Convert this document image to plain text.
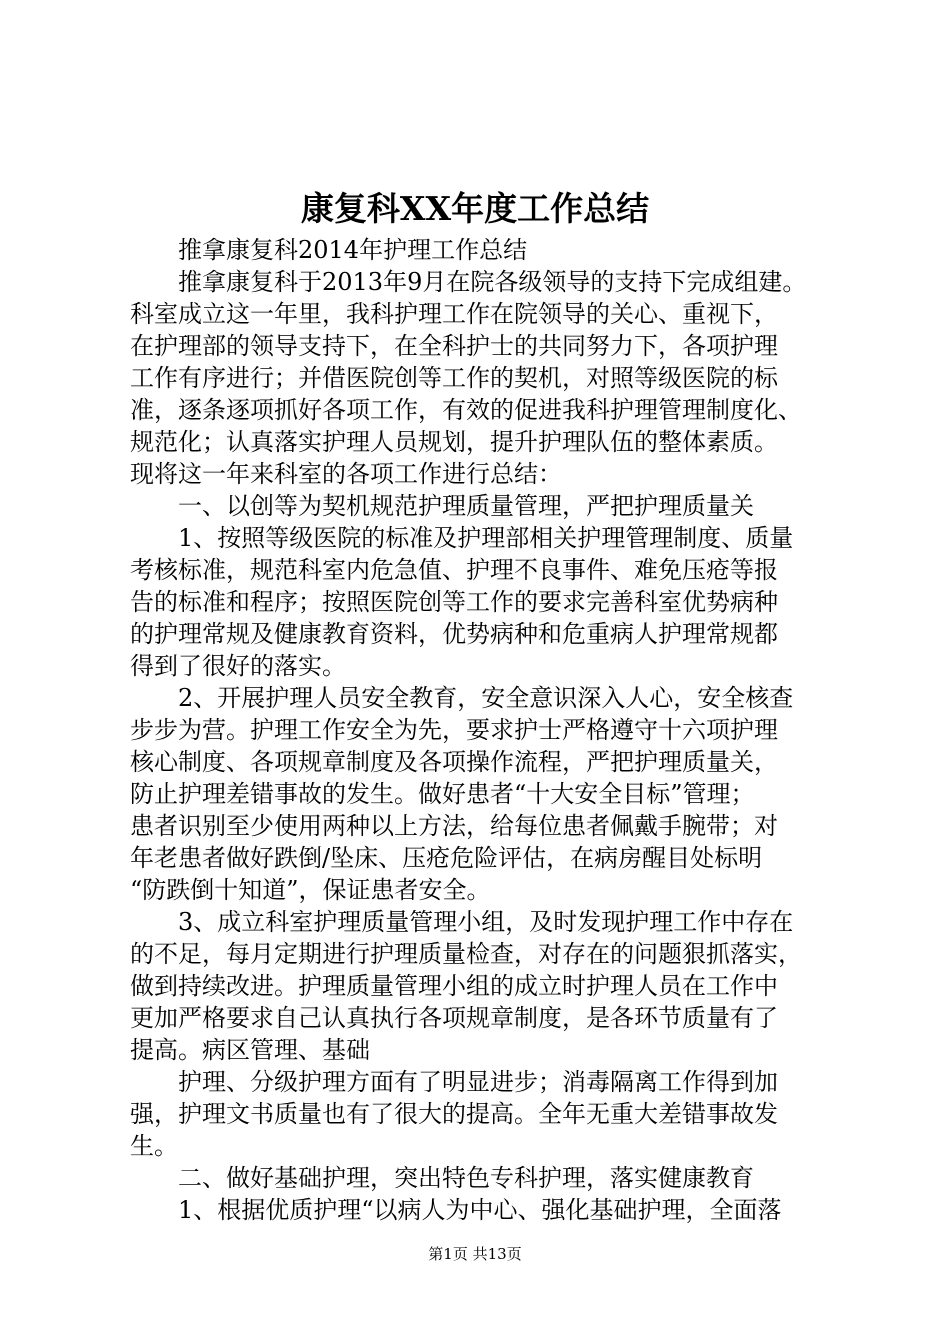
康复科XX年度工作总结
　　推拿康复科2014年护理工作总结
　　推拿康复科于2013年9月在院各级领导的支持下完成组建。
科室成立这一年里，我科护理工作在院领导的关心、重视下，
在护理部的领导支持下，在全科护士的共同努力下，各项护理
工作有序进行；并借医院创等工作的契机，对照等级医院的标
准，逐条逐项抓好各项工作，有效的促进我科护理管理制度化、
规范化；认真落实护理人员规划，提升护理队伍的整体素质。
现将这一年来科室的各项工作进行总结：
　　一、以创等为契机规范护理质量管理，严把护理质量关
　　1、按照等级医院的标准及护理部相关护理管理制度、质量
考核标准，规范科室内危急值、护理不良事件、难免压疮等报
告的标准和程序；按照医院创等工作的要求完善科室优势病种
的护理常规及健康教育资料，优势病种和危重病人护理常规都
得到了很好的落实。
　　2、开展护理人员安全教育，安全意识深入人心，安全核查
步步为营。护理工作安全为先，要求护士严格遵守十六项护理
核心制度、各项规章制度及各项操作流程，严把护理质量关，
防止护理差错事故的发生。做好患者“十大安全目标”管理；
患者识别至少使用两种以上方法，给每位患者佩戴手腕带；对
年老患者做好跌倒/坠床、压疮危险评估，在病房醒目处标明
“防跌倒十知道”，保证患者安全。
　　3、成立科室护理质量管理小组，及时发现护理工作中存在
的不足，每月定期进行护理质量检查，对存在的问题狠抓落实，
做到持续改进。护理质量管理小组的成立时护理人员在工作中
更加严格要求自己认真执行各项规章制度，是各环节质量有了
提高。病区管理、基础
　　护理、分级护理方面有了明显进步；消毒隔离工作得到加
强，护理文书质量也有了很大的提高。全年无重大差错事故发
生。
　　二、做好基础护理，突出特色专科护理，落实健康教育
　　1、根据优质护理“以病人为中心、强化基础护理，全面落
第1页 共13页
